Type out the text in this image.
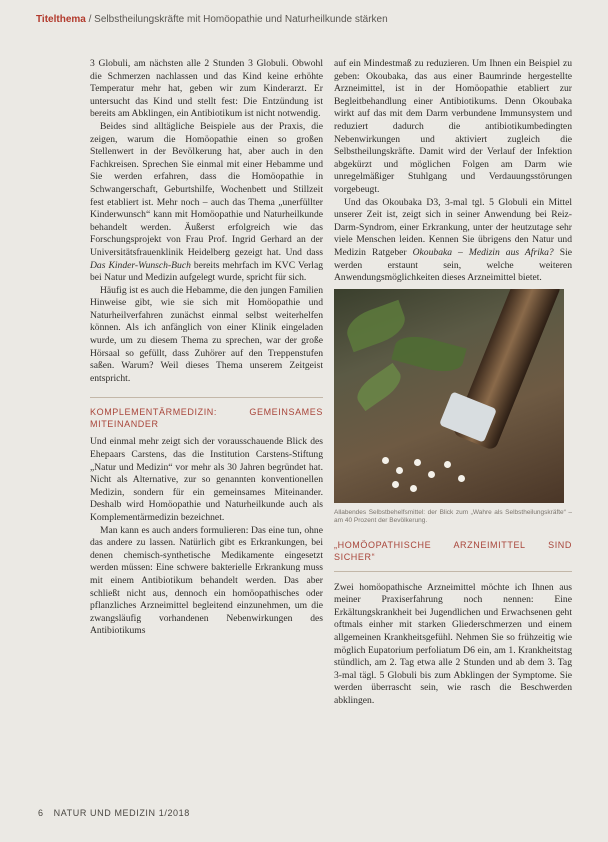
Titelthema / Selbstheilungskräfte mit Homöopathie und Naturheilkunde stärken

3 Globuli, am nächsten alle 2 Stunden 3 Globuli. Obwohl die Schmerzen nachlassen und das Kind keine erhöhte Temperatur mehr hat, geben wir zum Kinderarzt. Er untersucht das Kind und stellt fest: Die Entzündung ist bereits am Abklingen, ein Antibiotikum ist nicht notwendig.

Beides sind alltägliche Beispiele aus der Praxis, die zeigen, warum die Homöopathie einen so großen Stellenwert in der Bevölkerung hat, aber auch in den Fachkreisen. Sprechen Sie einmal mit einer Hebamme und Sie werden erfahren, dass die Homöopathie in Schwangerschaft, Geburtshilfe, Wochenbett und Stillzeit fest etabliert ist. Mehr noch – auch das Thema „unerfüllter Kinderwunsch“ kann mit Homöopathie und Naturheilkunde behandelt werden. Äußerst erfolgreich wie das Forschungsprojekt von Frau Prof. Ingrid Gerhard an der Universitätsfrauenklinik Heidelberg gezeigt hat. Und dass Das Kinder-Wunsch-Buch bereits mehrfach im KVC Verlag bei Natur und Medizin aufgelegt wurde, spricht für sich.

Häufig ist es auch die Hebamme, die den jungen Familien Hinweise gibt, wie sie sich mit Homöopathie und Naturheilverfahren zunächst einmal selbst weiterhelfen können. Als ich anfänglich von einer Klinik eingeladen wurde, um zu diesem Thema zu sprechen, war der große Hörsaal so gefüllt, dass Zuhörer auf den Treppenstufen saßen. Warum? Weil dieses Thema unserem Zeitgeist entspricht.

KOMPLEMENTÄRMEDIZIN: GEMEINSAMES MITEINANDER

Und einmal mehr zeigt sich der vorausschauende Blick des Ehepaars Carstens, das die Institution Carstens-Stiftung „Natur und Medizin“ vor mehr als 30 Jahren begründet hat. Nicht als Alternative, zur so genannten konventionellen Medizin, sondern für ein gemeinsames Miteinander. Deshalb wird Homöopathie und Naturheilkunde auch als Komplementärmedizin bezeichnet.

Man kann es auch anders formulieren: Das eine tun, ohne das andere zu lassen. Natürlich gibt es Erkrankungen, bei denen chemisch-synthetische Medikamente eingesetzt werden müssen: Eine schwere bakterielle Erkrankung muss mit einem Antibiotikum behandelt werden. Das aber schließt nicht aus, dennoch ein homöopathisches oder pflanzliches Arzneimittel begleitend einzunehmen, um die zwangsläufig vorhandenen Nebenwirkungen des Antibiotikums

auf ein Mindestmaß zu reduzieren. Um Ihnen ein Beispiel zu geben: Okoubaka, das aus einer Baumrinde hergestellte Arzneimittel, ist in der Homöopathie etabliert zur Begleitbehandlung einer Antibiotikums. Denn Okoubaka wirkt auf das mit dem Darm verbundene Immunsystem und reduziert dadurch die antibiotikumbedingten Nebenwirkungen und aktiviert zugleich die Selbstheilungskräfte. Damit wird der Verlauf der Infektion abgekürzt und möglichen Folgen am Darm wie unregelmäßiger Stuhlgang und Verdauungsstörungen vorgebeugt.

Und das Okoubaka D3, 3-mal tgl. 5 Globuli ein Mittel unserer Zeit ist, zeigt sich in seiner Anwendung bei Reiz-Darm-Syndrom, einer Erkrankung, unter der heutzutage sehr viele Menschen leiden. Kennen Sie übrigens den Natur und Medizin Ratgeber Okoubaka – Medizin aus Afrika? Sie werden erstaunt sein, welche weiteren Anwendungsmöglichkeiten dieses Arzneimittel bietet.

Allabendes Selbstbehelfsmittel: der Blick zum „Wahre als Selbstheilungskräfte“ – am 40 Prozent der Bevölkerung.
„HOMÖOPATHISCHE ARZNEIMITTEL SIND SICHER“

Zwei homöopathische Arzneimittel möchte ich Ihnen aus meiner Praxiserfahrung noch nennen: Eine Erkältungskrankheit bei Jugendlichen und Erwachsenen geht oftmals einher mit starken Gliederschmerzen und einem allgemeinen Krankheitsgefühl. Nehmen Sie so frühzeitig wie möglich Eupatorium perfoliatum D6 ein, am 1. Krankheitstag stündlich, am 2. Tag etwa alle 2 Stunden und ab dem 3. Tag 3-mal tägl. 5 Globuli bis zum Abklingen der Symptome. Sie werden überrascht sein, wie rasch die Beschwerden abklingen.

6 NATUR UND MEDIZIN 1/2018
